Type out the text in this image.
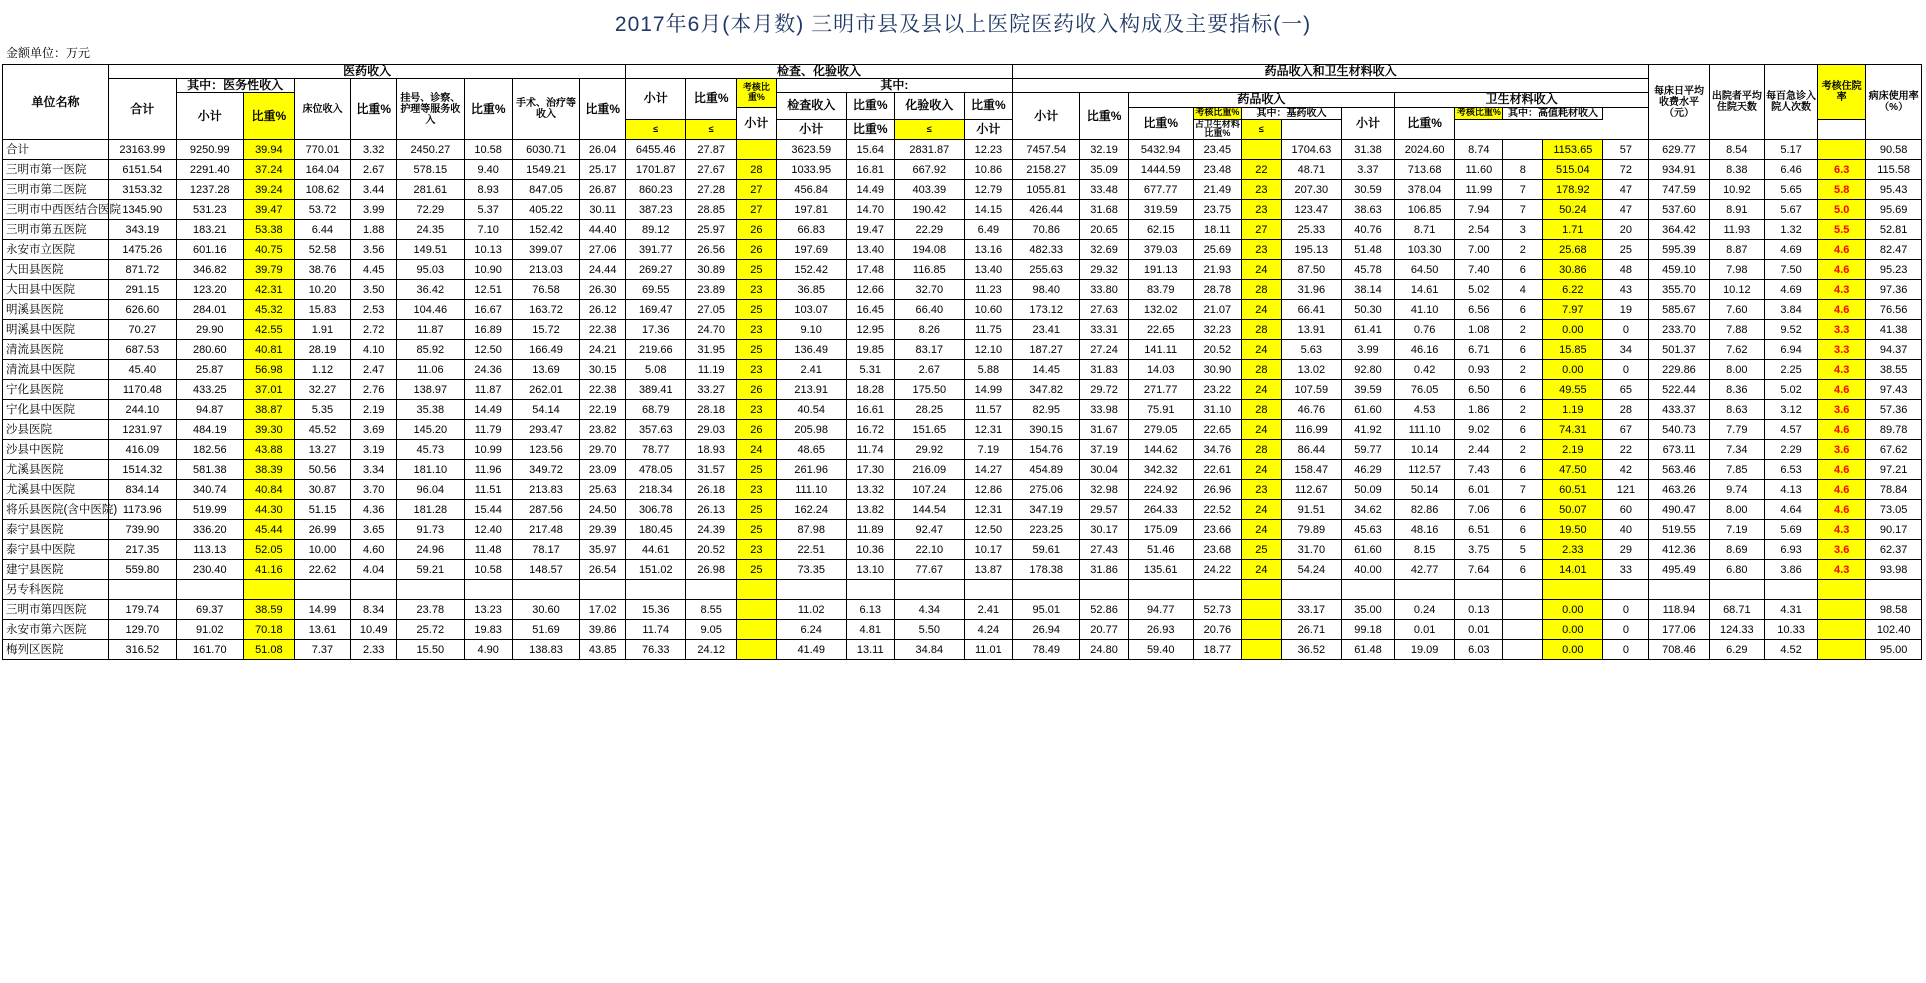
2017年6月(本月数) 三明市县及县以上医院医药收入构成及主要指标(一)
金额单位：万元
单位名称	医药收入									检查、化验收入							药品收入和卫生材料收入												每床日平均收费水平（元）	出院者平均住院天数	每百急诊入院人次数	考核住院率	病床使用率（%）
	合计	其中：医务性收入		床位收入	比重%	挂号、诊察、护理等服务收入	比重%	手术、治疗等收入	比重%	小计	比重%	考核比重%	其中:																				
		小计	比重%										检查收入	比重%	化验收入	比重%	小计	比重%	药品收入					卫生材料收入									
												小计							比重%	考核比重%	其中：基药收入		小计	比重%	考核比重%	其中：高值耗材收入							
										≤	≤		小计	比重%	≤	小计				占卫生材料比重%	≤												
合计	23163.99	9250.99	39.94	770.01	3.32	2450.27	10.58	6030.71	26.04	6455.46	27.87		3623.59	15.64	2831.87	12.23	7457.54	32.19	5432.94	23.45		1704.63	31.38	2024.60	8.74		1153.65	57	629.77	8.54	5.17		90.58
三明市第一医院	6151.54	2291.40	37.24	164.04	2.67	578.15	9.40	1549.21	25.17	1701.87	27.67	28	1033.95	16.81	667.92	10.86	2158.27	35.09	1444.59	23.48	22	48.71	3.37	713.68	11.60	8	515.04	72	934.91	8.38	6.46	6.3	115.58
三明市第二医院	3153.32	1237.28	39.24	108.62	3.44	281.61	8.93	847.05	26.87	860.23	27.28	27	456.84	14.49	403.39	12.79	1055.81	33.48	677.77	21.49	23	207.30	30.59	378.04	11.99	7	178.92	47	747.59	10.92	5.65	5.8	95.43
三明市中西医结合医院	1345.90	531.23	39.47	53.72	3.99	72.29	5.37	405.22	30.11	387.23	28.85	27	197.81	14.70	190.42	14.15	426.44	31.68	319.59	23.75	23	123.47	38.63	106.85	7.94	7	50.24	47	537.60	8.91	5.67	5.0	95.69
三明市第五医院	343.19	183.21	53.38	6.44	1.88	24.35	7.10	152.42	44.40	89.12	25.97	26	66.83	19.47	22.29	6.49	70.86	20.65	62.15	18.11	27	25.33	40.76	8.71	2.54	3	1.71	20	364.42	11.93	1.32	5.5	52.81
永安市立医院	1475.26	601.16	40.75	52.58	3.56	149.51	10.13	399.07	27.06	391.77	26.56	26	197.69	13.40	194.08	13.16	482.33	32.69	379.03	25.69	23	195.13	51.48	103.30	7.00	2	25.68	25	595.39	8.87	4.69	4.6	82.47
大田县医院	871.72	346.82	39.79	38.76	4.45	95.03	10.90	213.03	24.44	269.27	30.89	25	152.42	17.48	116.85	13.40	255.63	29.32	191.13	21.93	24	87.50	45.78	64.50	7.40	6	30.86	48	459.10	7.98	7.50	4.6	95.23
大田县中医院	291.15	123.20	42.31	10.20	3.50	36.42	12.51	76.58	26.30	69.55	23.89	23	36.85	12.66	32.70	11.23	98.40	33.80	83.79	28.78	28	31.96	38.14	14.61	5.02	4	6.22	43	355.70	10.12	4.69	4.3	97.36
明溪县医院	626.60	284.01	45.32	15.83	2.53	104.46	16.67	163.72	26.12	169.47	27.05	25	103.07	16.45	66.40	10.60	173.12	27.63	132.02	21.07	24	66.41	50.30	41.10	6.56	6	7.97	19	585.67	7.60	3.84	4.6	76.56
明溪县中医院	70.27	29.90	42.55	1.91	2.72	11.87	16.89	15.72	22.38	17.36	24.70	23	9.10	12.95	8.26	11.75	23.41	33.31	22.65	32.23	28	13.91	61.41	0.76	1.08	2	0.00	0	233.70	7.88	9.52	3.3	41.38
清流县医院	687.53	280.60	40.81	28.19	4.10	85.92	12.50	166.49	24.21	219.66	31.95	25	136.49	19.85	83.17	12.10	187.27	27.24	141.11	20.52	24	5.63	3.99	46.16	6.71	6	15.85	34	501.37	7.62	6.94	3.3	94.37
清流县中医院	45.40	25.87	56.98	1.12	2.47	11.06	24.36	13.69	30.15	5.08	11.19	23	2.41	5.31	2.67	5.88	14.45	31.83	14.03	30.90	28	13.02	92.80	0.42	0.93	2	0.00	0	229.86	8.00	2.25	4.3	38.55
宁化县医院	1170.48	433.25	37.01	32.27	2.76	138.97	11.87	262.01	22.38	389.41	33.27	26	213.91	18.28	175.50	14.99	347.82	29.72	271.77	23.22	24	107.59	39.59	76.05	6.50	6	49.55	65	522.44	8.36	5.02	4.6	97.43
宁化县中医院	244.10	94.87	38.87	5.35	2.19	35.38	14.49	54.14	22.19	68.79	28.18	23	40.54	16.61	28.25	11.57	82.95	33.98	75.91	31.10	28	46.76	61.60	4.53	1.86	2	1.19	28	433.37	8.63	3.12	3.6	57.36
沙县医院	1231.97	484.19	39.30	45.52	3.69	145.20	11.79	293.47	23.82	357.63	29.03	26	205.98	16.72	151.65	12.31	390.15	31.67	279.05	22.65	24	116.99	41.92	111.10	9.02	6	74.31	67	540.73	7.79	4.57	4.6	89.78
沙县中医院	416.09	182.56	43.88	13.27	3.19	45.73	10.99	123.56	29.70	78.77	18.93	24	48.65	11.74	29.92	7.19	154.76	37.19	144.62	34.76	28	86.44	59.77	10.14	2.44	2	2.19	22	673.11	7.34	2.29	3.6	67.62
尤溪县医院	1514.32	581.38	38.39	50.56	3.34	181.10	11.96	349.72	23.09	478.05	31.57	25	261.96	17.30	216.09	14.27	454.89	30.04	342.32	22.61	24	158.47	46.29	112.57	7.43	6	47.50	42	563.46	7.85	6.53	4.6	97.21
尤溪县中医院	834.14	340.74	40.84	30.87	3.70	96.04	11.51	213.83	25.63	218.34	26.18	23	111.10	13.32	107.24	12.86	275.06	32.98	224.92	26.96	23	112.67	50.09	50.14	6.01	7	60.51	121	463.26	9.74	4.13	4.6	78.84
将乐县医院(含中医院)	1173.96	519.99	44.30	51.15	4.36	181.28	15.44	287.56	24.50	306.78	26.13	25	162.24	13.82	144.54	12.31	347.19	29.57	264.33	22.52	24	91.51	34.62	82.86	7.06	6	50.07	60	490.47	8.00	4.64	4.6	73.05
泰宁县医院	739.90	336.20	45.44	26.99	3.65	91.73	12.40	217.48	29.39	180.45	24.39	25	87.98	11.89	92.47	12.50	223.25	30.17	175.09	23.66	24	79.89	45.63	48.16	6.51	6	19.50	40	519.55	7.19	5.69	4.3	90.17
泰宁县中医院	217.35	113.13	52.05	10.00	4.60	24.96	11.48	78.17	35.97	44.61	20.52	23	22.51	10.36	22.10	10.17	59.61	27.43	51.46	23.68	25	31.70	61.60	8.15	3.75	5	2.33	29	412.36	8.69	6.93	3.6	62.37
建宁县医院	559.80	230.40	41.16	22.62	4.04	59.21	10.58	148.57	26.54	151.02	26.98	25	73.35	13.10	77.67	13.87	178.38	31.86	135.61	24.22	24	54.24	40.00	42.77	7.64	6	14.01	33	495.49	6.80	3.86	4.3	93.98
另专科医院																																	
三明市第四医院	179.74	69.37	38.59	14.99	8.34	23.78	13.23	30.60	17.02	15.36	8.55		11.02	6.13	4.34	2.41	95.01	52.86	94.77	52.73		33.17	35.00	0.24	0.13		0.00	0	118.94	68.71	4.31		98.58
永安市第六医院	129.70	91.02	70.18	13.61	10.49	25.72	19.83	51.69	39.86	11.74	9.05		6.24	4.81	5.50	4.24	26.94	20.77	26.93	20.76		26.71	99.18	0.01	0.01		0.00	0	177.06	124.33	10.33		102.40
梅列区医院	316.52	161.70	51.08	7.37	2.33	15.50	4.90	138.83	43.85	76.33	24.12		41.49	13.11	34.84	11.01	78.49	24.80	59.40	18.77		36.52	61.48	19.09	6.03		0.00	0	708.46	6.29	4.52		95.00
